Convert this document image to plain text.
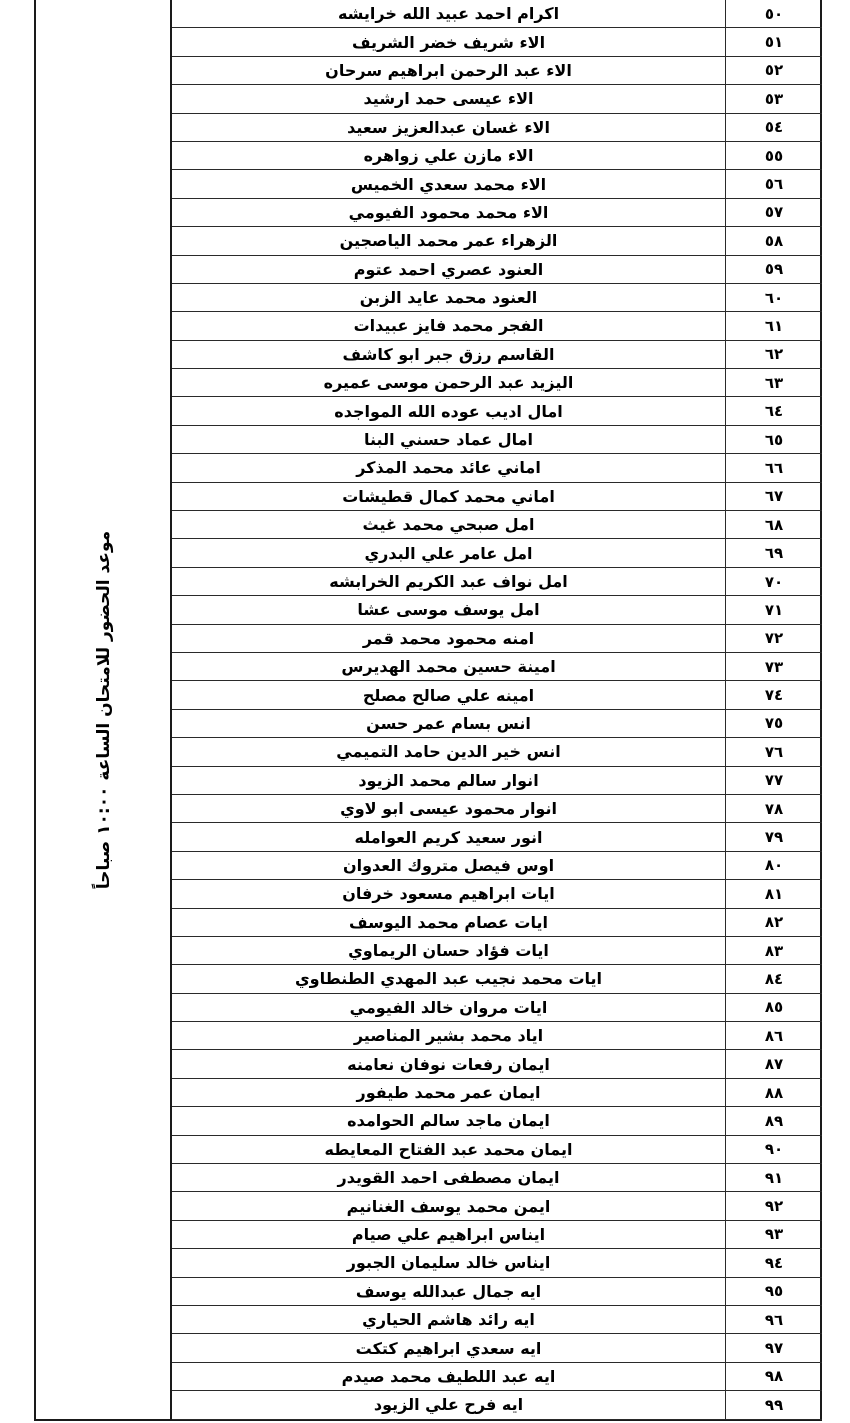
موعد الحضور للامتحان الساعة ١٠:٠٠ صباحاً
اكرام احمد عبيد الله خرايشه	٥٠
الاء شريف خضر الشريف	٥١
الاء عبد الرحمن ابراهيم سرحان	٥٢
الاء عيسى حمد ارشيد	٥٣
الاء غسان عبدالعزيز سعيد	٥٤
الاء مازن علي زواهره	٥٥
الاء محمد سعدي الخميس	٥٦
الاء محمد محمود الفيومي	٥٧
الزهراء عمر محمد الياصجين	٥٨
العنود عصري احمد عتوم	٥٩
العنود محمد عايد الزبن	٦٠
الفجر محمد فايز عبيدات	٦١
القاسم رزق جبر ابو كاشف	٦٢
اليزيد عبد الرحمن موسى عميره	٦٣
امال اديب عوده الله المواجده	٦٤
امال عماد حسني البنا	٦٥
اماني عائد محمد المذكر	٦٦
اماني محمد كمال قطيشات	٦٧
امل صبحي محمد غيث	٦٨
امل عامر علي البدري	٦٩
امل نواف عبد الكريم الخرابشه	٧٠
امل يوسف موسى عشا	٧١
امنه محمود محمد قمر	٧٢
امينة حسين محمد الهديرس	٧٣
امينه علي صالح مصلح	٧٤
انس بسام عمر حسن	٧٥
انس خير الدين حامد التميمي	٧٦
انوار سالم محمد الزيود	٧٧
انوار محمود عيسى ابو لاوي	٧٨
انور سعيد كريم العوامله	٧٩
اوس فيصل متروك العدوان	٨٠
ايات ابراهيم مسعود خرفان	٨١
ايات عصام محمد اليوسف	٨٢
ايات فؤاد حسان الريماوي	٨٣
ايات محمد نجيب عبد المهدي الطنطاوي	٨٤
ايات مروان خالد الفيومي	٨٥
اياد محمد بشير المناصير	٨٦
ايمان رفعات نوفان نعامنه	٨٧
ايمان عمر محمد طيفور	٨٨
ايمان ماجد سالم الحوامده	٨٩
ايمان محمد عبد الفتاح المعايطه	٩٠
ايمان مصطفى احمد القويدر	٩١
ايمن محمد يوسف الغنانيم	٩٢
ايناس ابراهيم علي صيام	٩٣
ايناس خالد سليمان الجبور	٩٤
ايه جمال عبدالله يوسف	٩٥
ايه رائد هاشم الحياري	٩٦
ايه سعدي ابراهيم كتكت	٩٧
ايه عبد اللطيف محمد صيدم	٩٨
ايه فرح علي الزيود	٩٩
